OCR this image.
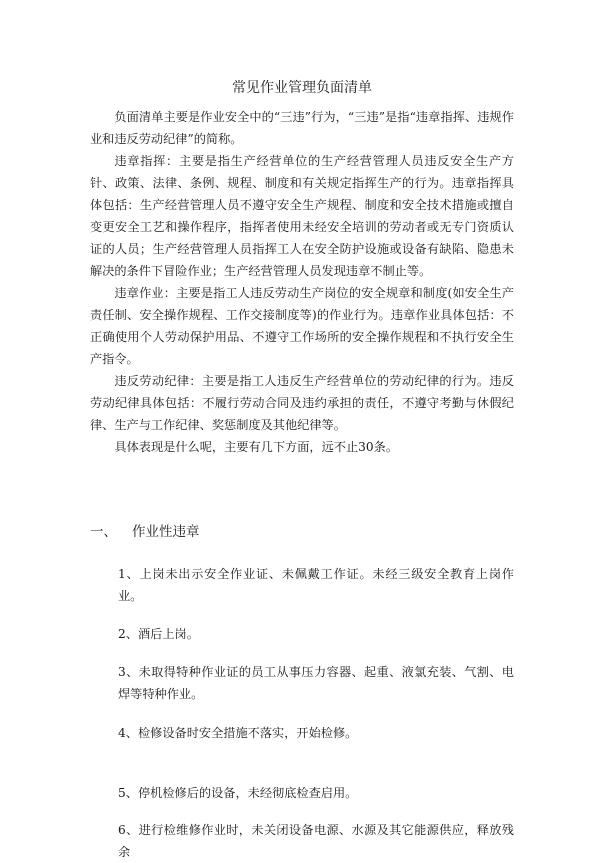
常见作业管理负面清单

负面清单主要是作业安全中的“三违”行为，“三违”是指“违章指挥、违规作业和违反劳动纪律”的简称。

违章指挥：主要是指生产经营单位的生产经营管理人员违反安全生产方针、政策、法律、条例、规程、制度和有关规定指挥生产的行为。违章指挥具体包括：生产经营管理人员不遵守安全生产规程、制度和安全技术措施或擅自变更安全工艺和操作程序，指挥者使用未经安全培训的劳动者或无专门资质认证的人员；生产经营管理人员指挥工人在安全防护设施或设备有缺陷、隐患未解决的条件下冒险作业；生产经营管理人员发现违章不制止等。

违章作业：主要是指工人违反劳动生产岗位的安全规章和制度(如安全生产责任制、安全操作规程、工作交接制度等)的作业行为。违章作业具体包括：不正确使用个人劳动保护用品、不遵守工作场所的安全操作规程和不执行安全生产指令。

违反劳动纪律：主要是指工人违反生产经营单位的劳动纪律的行为。违反劳动纪律具体包括：不履行劳动合同及违约承担的责任，不遵守考勤与休假纪律、生产与工作纪律、奖惩制度及其他纪律等。

具体表现是什么呢，主要有几下方面，远不止30条。

一、	作业性违章

1、上岗未出示安全作业证、未佩戴工作证。未经三级安全教育上岗作业。

2、酒后上岗。

3、未取得特种作业证的员工从事压力容器、起重、液氯充装、气割、电焊等特种作业。

4、检修设备时安全措施不落实，开始检修。

5、停机检修后的设备，未经彻底检查启用。

6、进行检维修作业时，未关闭设备电源、水源及其它能源供应，释放残余
